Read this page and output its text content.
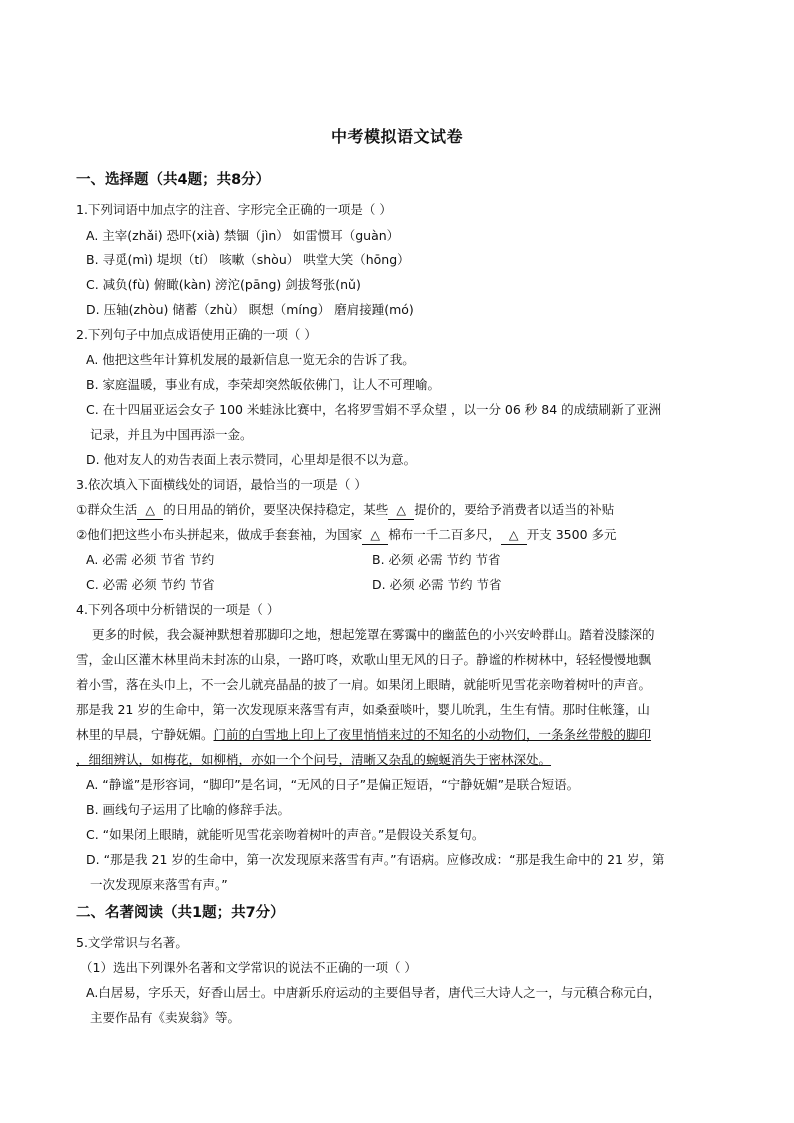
中考模拟语文试卷
一、选择题（共4题；共8分）
1.下列词语中加点字的注音、字形完全正确的一项是（ ）
A. 主宰(zhǎi) 恐吓(xià) 禁锢（jìn） 如雷惯耳（guàn）
B. 寻觅(mì) 堤坝（tí） 咳嗽（shòu） 哄堂大笑（hōng）
C. 减负(fù) 俯瞰(kàn) 滂沱(pāng) 剑拔弩张(nǔ)
D. 压轴(zhòu) 储蓄（zhù） 瞑想（míng） 磨肩接踵(mó)
2.下列句子中加点成语使用正确的一项（ ）
A. 他把这些年计算机发展的最新信息一览无余的告诉了我。
B. 家庭温暖，事业有成，李荣却突然皈依佛门，让人不可理喻。
C. 在十四届亚运会女子 100 米蛙泳比赛中，名将罗雪娟不孚众望 ，以一分 06 秒 84 的成绩刷新了亚洲
记录，并且为中国再添一金。
D. 他对友人的劝告表面上表示赞同，心里却是很不以为意。
3.依次填入下面横线处的词语，最恰当的一项是（ ）
①群众生活 △ 的日用品的销价，要坚决保持稳定，某些 △ 提价的，要给予消费者以适当的补贴
②他们把这些小布头拼起来，做成手套套袖，为国家 △ 棉布一千二百多尺， △ 开支 3500 多元
A. 必需 必须 节省 节约	B. 必须 必需 节约 节省
C. 必需 必须 节约 节省	D. 必须 必需 节约 节省
4.下列各项中分析错误的一项是（ ）
更多的时候，我会凝神默想着那脚印之地，想起笼罩在雾霭中的幽蓝色的小兴安岭群山。踏着没膝深的
雪，金山区灌木林里尚未封冻的山泉，一路叮咚，欢歌山里无风的日子。静谧的柞树林中，轻轻慢慢地飘
着小雪，落在头巾上，不一会儿就亮晶晶的披了一肩。如果闭上眼睛，就能听见雪花亲吻着树叶的声音。
那是我 21 岁的生命中，第一次发现原来落雪有声，如桑蚕啖叶，婴儿吮乳，生生有情。那时住帐篷，山
林里的早晨，宁静妩媚。门前的白雪地上印上了夜里悄悄来过的不知名的小动物们，一条条丝带般的脚印
，细细辨认，如梅花，如柳梢，亦如一个个问号，清晰又杂乱的蜿蜒消失于密林深处。
A. “静谧”是形容词，“脚印”是名词，“无风的日子”是偏正短语，“宁静妩媚”是联合短语。
B. 画线句子运用了比喻的修辞手法。
C. “如果闭上眼睛，就能听见雪花亲吻着树叶的声音。”是假设关系复句。
D. “那是我 21 岁的生命中，第一次发现原来落雪有声。”有语病。应修改成：“那是我生命中的 21 岁，第
一次发现原来落雪有声。”
二、名著阅读（共1题；共7分）
5.文学常识与名著。
（1）选出下列课外名著和文学常识的说法不正确的一项（ ）
A.白居易，字乐天，好香山居士。中唐新乐府运动的主要倡导者，唐代三大诗人之一，与元稹合称元白，
主要作品有《卖炭翁》等。
